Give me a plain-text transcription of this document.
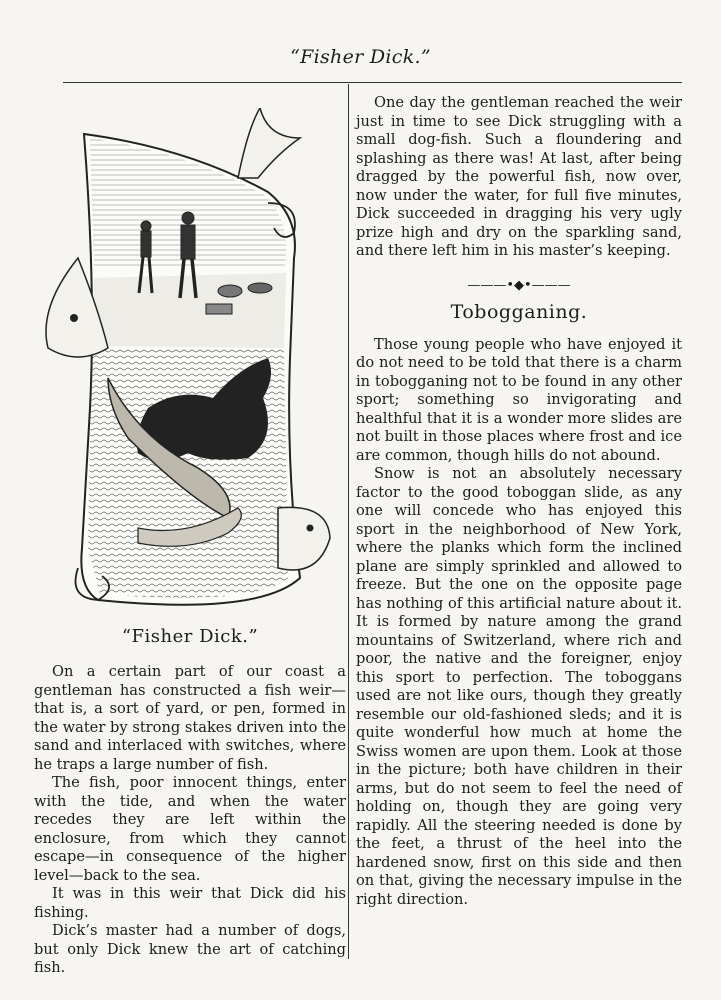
“Fisher Dick.”
“Fisher Dick.”

On a certain part of our coast a gentleman has constructed a fish weir—that is, a sort of yard, or pen, formed in the water by strong stakes driven into the sand and interlaced with switches, where he traps a large number of fish.

The fish, poor innocent things, enter with the tide, and when the water recedes they are left within the enclosure, from which they cannot escape—in consequence of the higher level—back to the sea.

It was in this weir that Dick did his fishing.

Dick’s master had a number of dogs, but only Dick knew the art of catching fish.

One day the gentleman reached the weir just in time to see Dick struggling with a small dog-fish. Such a floundering and splashing as there was! At last, after being dragged by the powerful fish, now over, now under the water, for full five minutes, Dick succeeded in dragging his very ugly prize high and dry on the sparkling sand, and there left him in his master’s keeping.

———•◆•———
Tobogganing.

Those young people who have enjoyed it do not need to be told that there is a charm in tobogganing not to be found in any other sport; something so invigorating and healthful that it is a wonder more slides are not built in those places where frost and ice are common, though hills do not abound.

Snow is not an absolutely necessary factor to the good toboggan slide, as any one will concede who has enjoyed this sport in the neighborhood of New York, where the planks which form the inclined plane are simply sprinkled and allowed to freeze. But the one on the opposite page has nothing of this artificial nature about it. It is formed by nature among the grand mountains of Switzerland, where rich and poor, the native and the foreigner, enjoy this sport to perfection. The toboggans used are not like ours, though they greatly resemble our old-fashioned sleds; and it is quite wonderful how much at home the Swiss women are upon them. Look at those in the picture; both have children in their arms, but do not seem to feel the need of holding on, though they are going very rapidly. All the steering needed is done by the feet, a thrust of the heel into the hardened snow, first on this side and then on that, giving the necessary impulse in the right direction.
